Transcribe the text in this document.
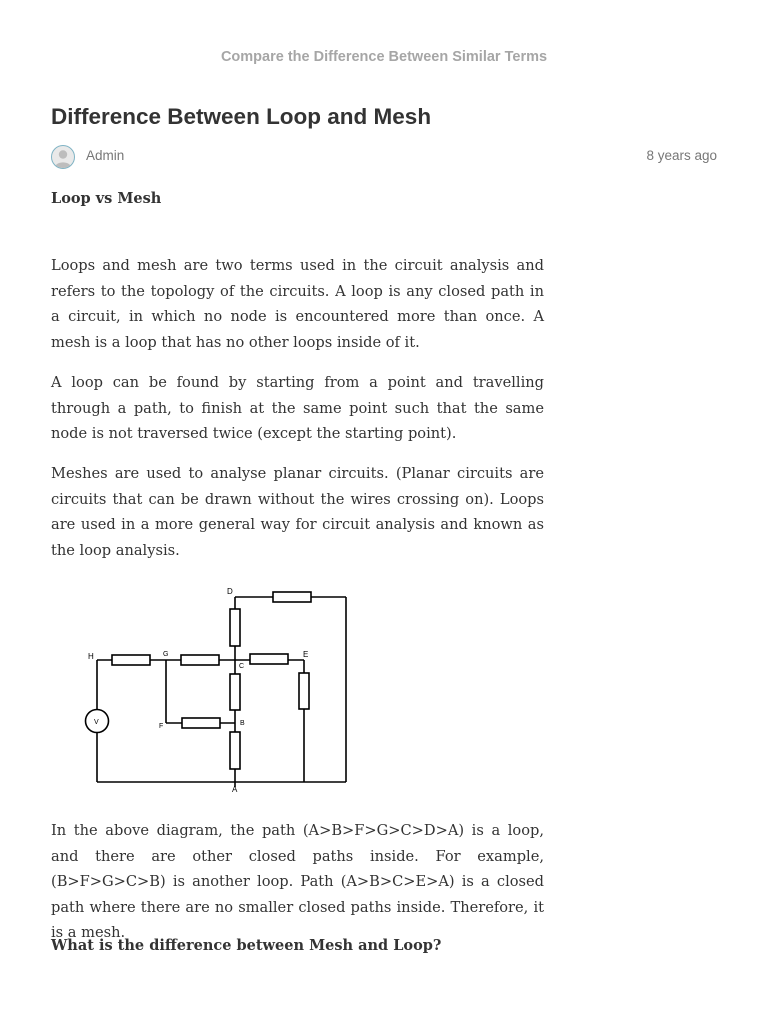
Compare the Difference Between Similar Terms
Difference Between Loop and Mesh
Admin	8 years ago

Loop vs Mesh

Loops and mesh are two terms used in the circuit analysis and refers to the topology of the circuits. A loop is any closed path in a circuit, in which no node is encountered more than once. A mesh is a loop that has no other loops inside of it.

A loop can be found by starting from a point and travelling through a path, to finish at the same point such that the same node is not traversed twice (except the starting point).

Meshes are used to analyse planar circuits. (Planar circuits are circuits that can be drawn without the wires crossing on). Loops are used in a more general way for circuit analysis and known as the loop analysis.

In the above diagram, the path (A>B>F>G>C>D>A) is a loop, and there are other closed paths inside. For example, (B>F>G>C>B) is another loop. Path (A>B>C>E>A) is a closed path where there are no smaller closed paths inside. Therefore, it is a mesh.

What is the difference between Mesh and Loop?

D
H	G
C
E
F	B
A
V
